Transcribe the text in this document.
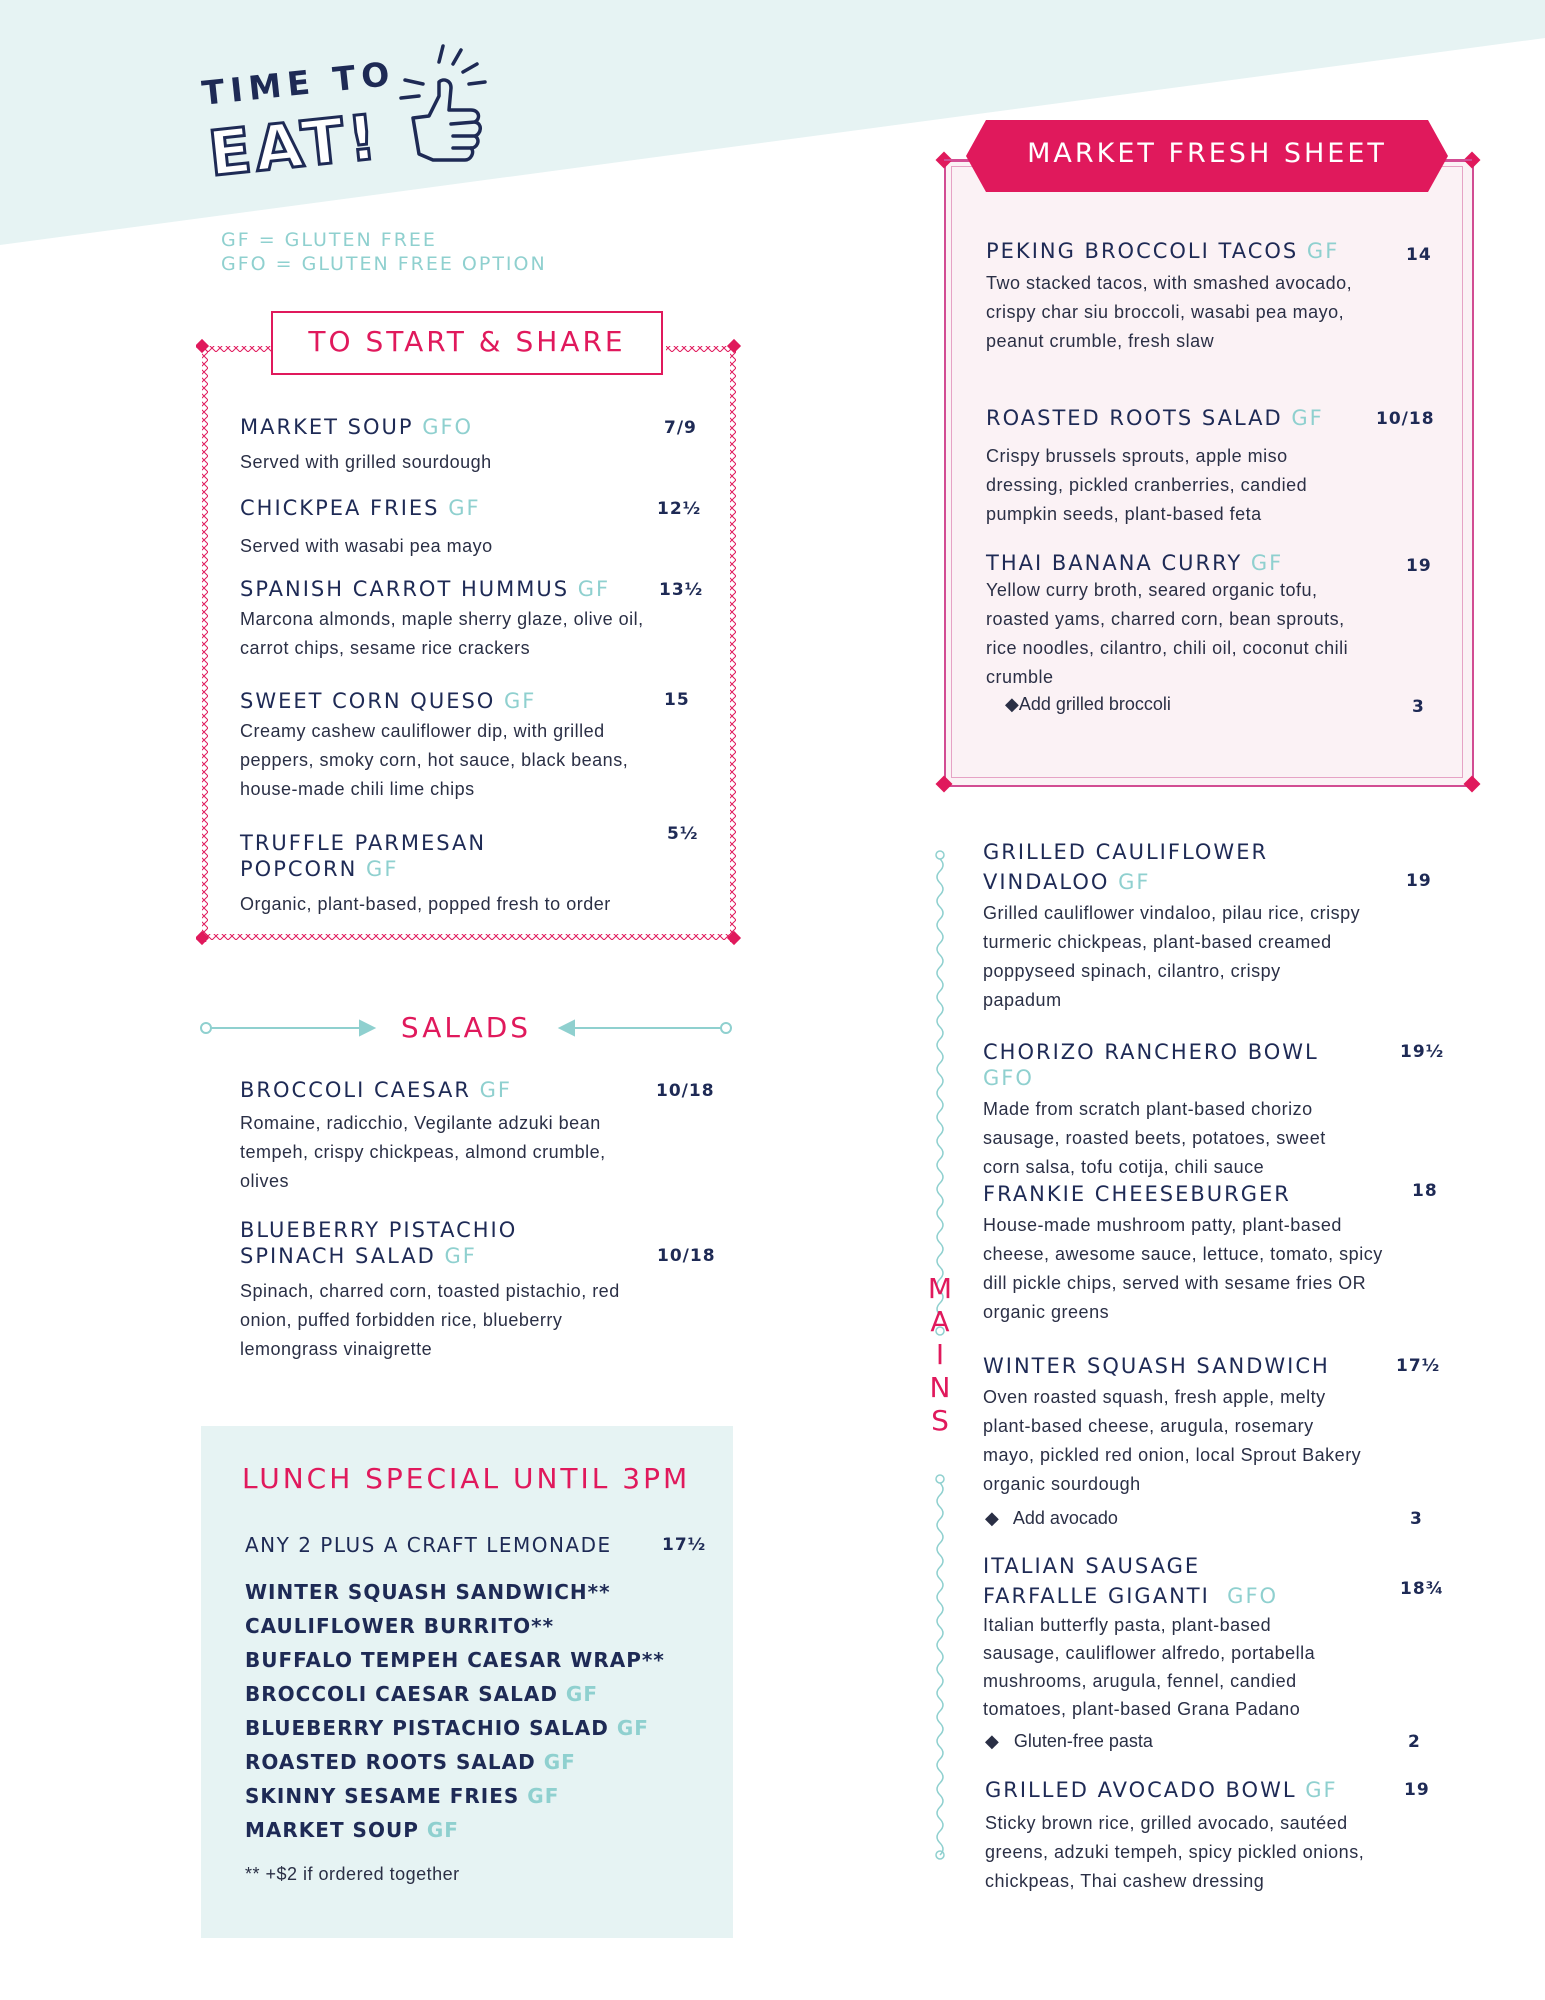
TIME TO
EAT!
GF = GLUTEN FREE
GFO = GLUTEN FREE OPTION
TO START & SHARE
MARKET SOUP GFO
Served with grilled sourdough
7/9
CHICKPEA FRIES GF
Served with wasabi pea mayo
12½
SPANISH CARROT HUMMUS GF
Marcona almonds, maple sherry glaze, olive oil, carrot chips, sesame rice crackers
13½
SWEET CORN QUESO GF
Creamy cashew cauliflower dip, with grilled peppers, smoky corn, hot sauce, black beans, house-made chili lime chips
15
TRUFFLE PARMESAN
POPCORN GF
Organic, plant-based, popped fresh to order
5½
SALADS
BROCCOLI CAESAR GF
Romaine, radicchio, Vegilante adzuki bean tempeh, crispy chickpeas, almond crumble, olives
10/18
BLUEBERRY PISTACHIO
SPINACH SALAD GF
Spinach, charred corn, toasted pistachio, red onion, puffed forbidden rice, blueberry lemongrass vinaigrette
10/18
LUNCH SPECIAL UNTIL 3PM
ANY 2 PLUS A CRAFT LEMONADE	17½
WINTER SQUASH SANDWICH**
CAULIFLOWER BURRITO**
BUFFALO TEMPEH CAESAR WRAP**
BROCCOLI CAESAR SALAD GF
BLUEBERRY PISTACHIO SALAD GF
ROASTED ROOTS SALAD GF
SKINNY SESAME FRIES GF
MARKET SOUP GF
** +$2 if ordered together
MARKET FRESH SHEET
PEKING BROCCOLI TACOS GF
Two stacked tacos, with smashed avocado, crispy char siu broccoli, wasabi pea mayo, peanut crumble, fresh slaw
14
ROASTED ROOTS SALAD GF
Crispy brussels sprouts, apple miso dressing, pickled cranberries, candied pumpkin seeds, plant-based feta
10/18
THAI BANANA CURRY GF
Yellow curry broth, seared organic tofu, roasted yams, charred corn, bean sprouts, rice noodles, cilantro, chili oil, coconut chili crumble
19
◆Add grilled broccoli	3
M
A
I
N
S
GRILLED CAULIFLOWER
VINDALOO GF
Grilled cauliflower vindaloo, pilau rice, crispy turmeric chickpeas, plant-based creamed poppyseed spinach, cilantro, crispy papadum
19
CHORIZO RANCHERO BOWL GFO
Made from scratch plant-based chorizo sausage, roasted beets, potatoes, sweet corn salsa, tofu cotija, chili sauce
19½
FRANKIE CHEESEBURGER
House-made mushroom patty, plant-based cheese, awesome sauce, lettuce, tomato, spicy dill pickle chips, served with sesame fries OR organic greens
18
WINTER SQUASH SANDWICH
Oven roasted squash, fresh apple, melty plant-based cheese, arugula, rosemary mayo, pickled red onion, local Sprout Bakery organic sourdough
17½
◆   Add avocado	3
ITALIAN SAUSAGE
FARFALLE GIGANTI GFO
Italian butterfly pasta, plant-based sausage, cauliflower alfredo, portabella mushrooms, arugula, fennel, candied tomatoes, plant-based Grana Padano
18¾
◆   Gluten-free pasta	2
GRILLED AVOCADO BOWL GF
Sticky brown rice, grilled avocado, sautéed greens, adzuki tempeh, spicy pickled onions, chickpeas, Thai cashew dressing
19
